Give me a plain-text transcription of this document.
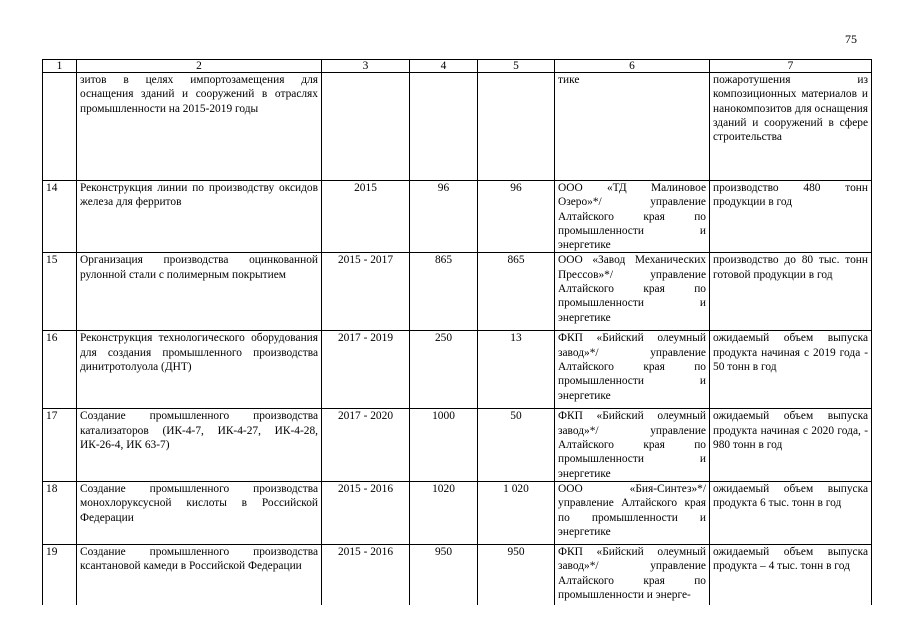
75
1	2	3	4	5	6	7
	зитов в целях импортозамещения для оснащения зданий и сооружений в отраслях промышленности на 2015-2019 годы				тике	пожаротушения из композиционных материалов и нанокомпозитов для оснащения зданий и сооружений в сфере строительства
14	Реконструкция линии по производству оксидов железа для ферритов	2015	96	96	ООО «ТД Малиновое Озеро»*/ управление Алтайского края по промышленности и энергетике	производство 480 тонн продукции в год
15	Организация производства оцинкованной рулонной стали с полимерным покрытием	2015 - 2017	865	865	ООО «Завод Механических Прессов»*/ управление Алтайского края по промышленности и энергетике	производство до 80 тыс. тонн готовой продукции в год
16	Реконструкция технологического оборудования для создания промышленного производства динитротолуола (ДНТ)	2017 - 2019	250	13	ФКП «Бийский олеумный завод»*/ управление Алтайского края по промышленности и энергетике	ожидаемый объем выпуска продукта начиная с 2019 года - 50 тонн в год
17	Создание промышленного производства катализаторов (ИК-4-7, ИК-4-27, ИК-4-28, ИК-26-4, ИК 63-7)	2017 - 2020	1000	50	ФКП «Бийский олеумный завод»*/ управление Алтайского края по промышленности и энергетике	ожидаемый объем выпуска продукта начиная с 2020 года, - 980 тонн в год
18	Создание промышленного производства монохлоруксусной кислоты в Российской Федерации	2015 - 2016	1020	1 020	ООО «Бия-Синтез»*/ управление Алтайского края по промышленности и энергетике	ожидаемый объем выпуска продукта 6 тыс. тонн в год
19	Создание промышленного производства ксантановой камеди в Российской Федерации	2015 - 2016	950	950	ФКП «Бийский олеумный завод»*/ управление Алтайского края по промышленности и энерге-	ожидаемый объем выпуска продукта – 4 тыс. тонн в год
